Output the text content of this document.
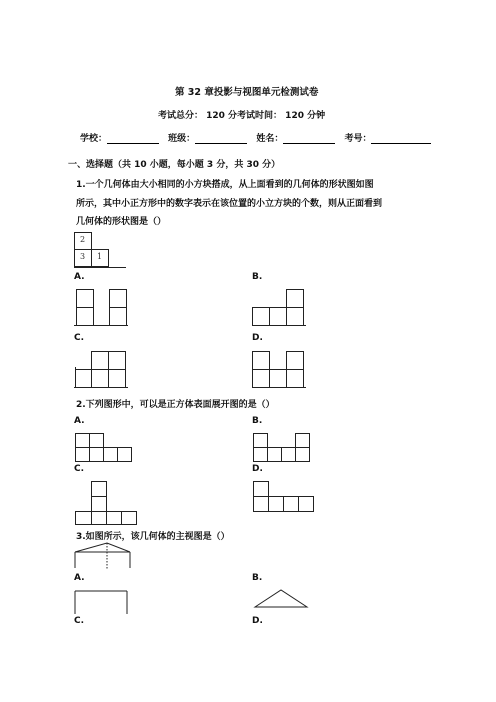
第 32 章投影与视图单元检测试卷
考试总分： 120 分考试时间： 120 分钟
学校：	班级：	姓名：	考号：
一、选择题（共 10 小题，每小题 3 分，共 30 分）
1.一个几何体由大小相同的小方块搭成，从上面看到的几何体的形状图如图
所示，其中小正方形中的数字表示在该位置的小立方块的个数，则从正面看到
几何体的形状图是（）
2
3 1
A.	B.
C.	D.
2.下列图形中，可以是正方体表面展开图的是（）
A.	B.
C.	D.
3.如图所示，该几何体的主视图是（）
A.	B.
C.	D.
